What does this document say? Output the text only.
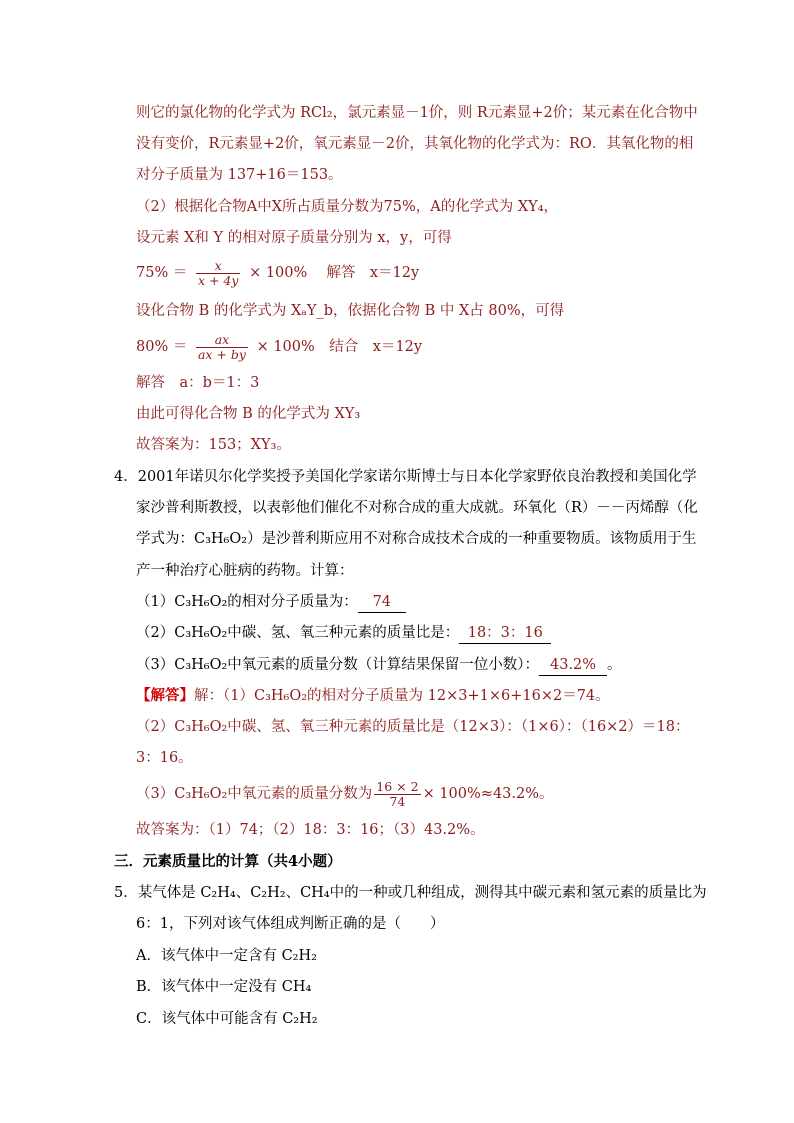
则它的氯化物的化学式为 RCl₂，氯元素显－1价，则 R元素显+2价；某元素在化合物中
没有变价，R元素显+2价，氧元素显－2价，其氧化物的化学式为：RO．其氧化物的相
对分子质量为 137+16＝153。
（2）根据化合物A中X所占质量分数为75%，A的化学式为 XY₄，
设元素 X和 Y 的相对原子质量分别为 x，y，可得
$75\% = \frac{x}{x + 4y} \times 100\%$　 解答　x＝12y
设化合物 B 的化学式为 XₐY_b，依据化合物 B 中 X占 80%，可得
$80\% = \frac{ax}{ax + by} \times 100\%$　结合　x＝12y
解答　a：b＝1：3
由此可得化合物 B 的化学式为 XY₃
故答案为：153；XY₃。
4．2001年诺贝尔化学奖授予美国化学家诺尔斯博士与日本化学家野依良治教授和美国化学
家沙普利斯教授，以表彰他们催化不对称合成的重大成就。环氧化（R）－－丙烯醇（化
学式为：C₃H₆O₂）是沙普利斯应用不对称合成技术合成的一种重要物质。该物质用于生
产一种治疗心脏病的药物。计算：
（1）C₃H₆O₂的相对分子质量为： 74
（2）C₃H₆O₂中碳、氢、氧三种元素的质量比是： 18：3：16
（3）C₃H₆O₂中氧元素的质量分数（计算结果保留一位小数）： 43.2% 。
【解答】解：（1）C₃H₆O₂的相对分子质量为 12×3+1×6+16×2＝74。
（2）C₃H₆O₂中碳、氢、氧三种元素的质量比是（12×3）：（1×6）：（16×2）＝18：
3：16。
（3）C₃H₆O₂中氧元素的质量分数为 $\frac{16 \times 2}{74} \times 100\%\approx 43.2\%$。
故答案为：（1）74；（2）18：3：16；（3）43.2%。
三．元素质量比的计算（共4小题）
5．某气体是 C₂H₄、C₂H₂、CH₄中的一种或几种组成，测得其中碳元素和氢元素的质量比为
6：1，下列对该气体组成判断正确的是（　　）
A．该气体中一定含有 C₂H₂
B．该气体中一定没有 CH₄
C．该气体中可能含有 C₂H₂
